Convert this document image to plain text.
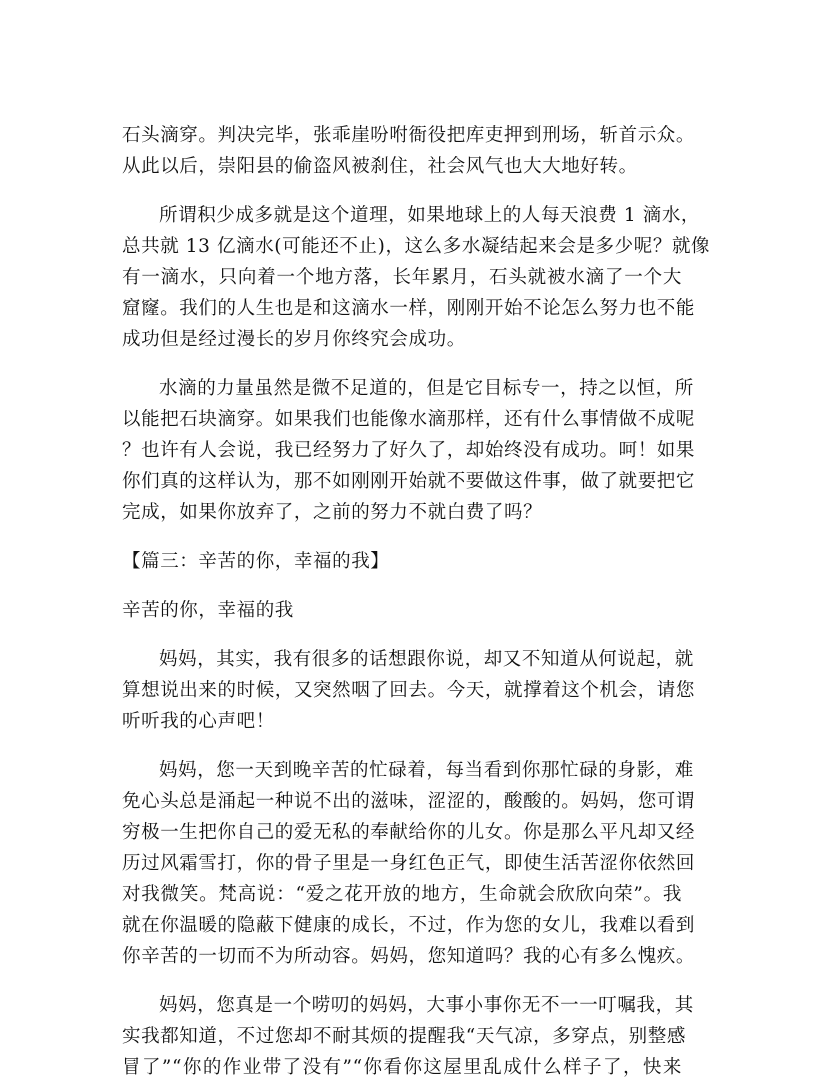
石头滴穿。判决完毕，张乖崖吩咐衙役把库吏押到刑场，斩首示众。
从此以后，崇阳县的偷盗风被刹住，社会风气也大大地好转。
所谓积少成多就是这个道理，如果地球上的人每天浪费 1 滴水，
总共就 13 亿滴水(可能还不止)，这么多水凝结起来会是多少呢？就像
有一滴水，只向着一个地方落，长年累月，石头就被水滴了一个大
窟窿。我们的人生也是和这滴水一样，刚刚开始不论怎么努力也不能
成功但是经过漫长的岁月你终究会成功。
水滴的力量虽然是微不足道的，但是它目标专一，持之以恒，所
以能把石块滴穿。如果我们也能像水滴那样，还有什么事情做不成呢
？也许有人会说，我已经努力了好久了，却始终没有成功。呵！如果
你们真的这样认为，那不如刚刚开始就不要做这件事，做了就要把它
完成，如果你放弃了，之前的努力不就白费了吗？
【篇三：辛苦的你，幸福的我】
辛苦的你，幸福的我
妈妈，其实，我有很多的话想跟你说，却又不知道从何说起，就
算想说出来的时候，又突然咽了回去。今天，就撑着这个机会，请您
听听我的心声吧！
妈妈，您一天到晚辛苦的忙碌着，每当看到你那忙碌的身影，难
免心头总是涌起一种说不出的滋味，涩涩的，酸酸的。妈妈，您可谓
穷极一生把你自己的爱无私的奉献给你的儿女。你是那么平凡却又经
历过风霜雪打，你的骨子里是一身红色正气，即使生活苦涩你依然回
对我微笑。梵高说：“爱之花开放的地方，生命就会欣欣向荣”。我
就在你温暖的隐蔽下健康的成长，不过，作为您的女儿，我难以看到
你辛苦的一切而不为所动容。妈妈，您知道吗？我的心有多么愧疚。
妈妈，您真是一个唠叨的妈妈，大事小事你无不一一叮嘱我，其
实我都知道，不过您却不耐其烦的提醒我“天气凉，多穿点，别整感
冒了”“你的作业带了没有”“你看你这屋里乱成什么样子了，快来
